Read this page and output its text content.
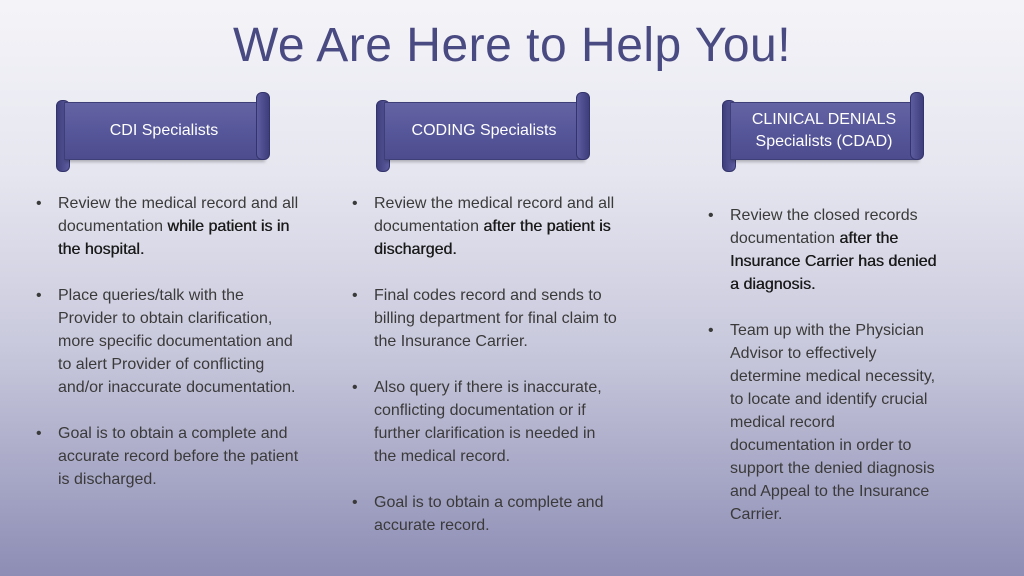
We Are Here to Help You!
CDI Specialists	CODING Specialists
CLINICAL DENIALS
Specialists (CDAD)
• Review the medical record and all documentation while patient is in the hospital.
• Place queries/talk with the Provider to obtain clarification, more specific documentation and to alert Provider of conflicting and/or inaccurate documentation.
• Goal is to obtain a complete and accurate record before the patient is discharged.
• Review the medical record and all documentation after the patient is discharged.
• Final codes record and sends to billing department for final claim to the Insurance Carrier.
• Also query if there is inaccurate, conflicting documentation or if further clarification is needed in the medical record.
• Goal is to obtain a complete and accurate record.
• Review the closed records documentation after the Insurance Carrier has denied a diagnosis.
• Team up with the Physician Advisor to effectively determine medical necessity, to locate and identify crucial medical record documentation in order to support the denied diagnosis and Appeal to the Insurance Carrier.
